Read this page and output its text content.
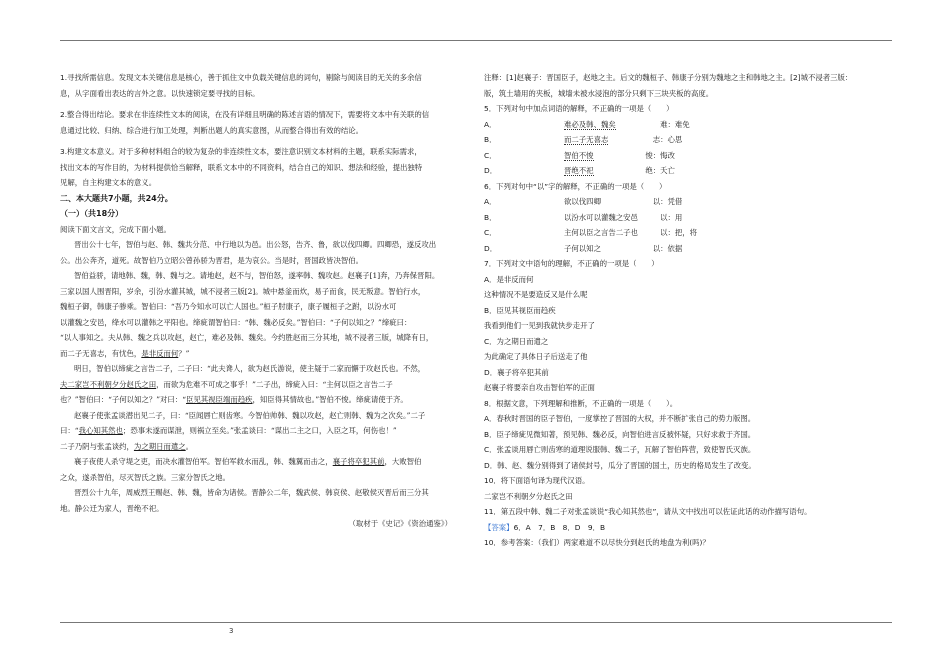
1.寻找所需信息。发现文本关键信息是核心，善于抓住文中负载关键信息的词句，剔除与阅读目的无关的多余信

息，从字面看出表达的言外之意。以快速锁定要寻找的目标。

2.整合得出结论。要求在非连续性文本的阅读，在没有详细且明确的陈述言语的情况下，需要将文本中有关联的信

息通过比较、归纳、综合进行加工处理，判断出题人的真实意图，从而整合得出有效的结论。

3.构建文本意义。对于多种材料组合的较为复杂的非连续性文本，要注意识别文本材料的主题，联系实际需求，

找出文本的写作目的，为材料提供恰当解释，联系文本中的不同资料，结合自己的知识、想法和经验，提出独特

见解，自主构建文本的意义。

二、本大题共7小题，共24分。

（一）（共18分）

阅读下面文言文，完成下面小题。

晋出公十七年，智伯与赵、韩、魏共分范、中行地以为邑。出公怒，告齐、鲁，欲以伐四卿。四卿恐，遂反攻出

公。出公奔齐，道死。故智伯乃立昭公曾孙骄为晋君，是为哀公。当是时，晋国政皆决智伯。

智伯益骄，请地韩、魏，韩、魏与之。请地赵，赵不与，智伯怒，遂率韩、魏攻赵。赵襄子[1]奔，乃奔保晋阳。

三家以国人围晋阳，岁余，引汾水灌其城，城不浸者三版[2]。城中悬釜而炊，易子而食，民无叛意。智伯行水，

魏桓子御，韩康子骖乘。智伯曰：“吾乃今知水可以亡人国也。”桓子肘康子，康子履桓子之跗，以汾水可

以灌魏之安邑，绛水可以灌韩之平阳也。缔疵谓智伯曰：“韩、魏必反矣。”智伯曰：“子何以知之？”缔疵曰：

“以人事知之。夫从韩、魏之兵以攻赵，赵亡，难必及韩、魏矣。今约胜赵而三分其地，城不浸者三版，城降有日，

而二子无喜志，有忧色，是非反而何？”

明日，智伯以缔疵之言告二子，二子曰：“此夫谗人，欲为赵氏游说，使主疑于二家而懈于攻赵氏也。不然，

夫二家岂不利朝夕分赵氏之田，而欲为危难不可成之事乎！”二子出，缔疵入曰：“主何以臣之言告二子

也？”智伯曰：“子何以知之？”对曰：“臣见其视臣端而趋疾，知臣得其情故也。”智伯不悛。缔疵请使于齐。

赵襄子使张孟谈潜出见二子，曰：“臣闻唇亡则齿寒。今智伯帅韩、魏以攻赵，赵亡则韩、魏为之次矣。”二子

曰：“我心知其然也；恐事未遂而谋泄，则祸立至矣。”张孟谈曰：“谋出二主之口，入臣之耳，何伤也！”

二子乃阴与张孟谈约，为之期日而遣之。

襄子夜使人杀守堤之吏，而决水灌智伯军。智伯军救水而乱，韩、魏翼而击之，襄子将卒犯其前，大败智伯

之众，遂杀智伯，尽灭智氏之族。三家分智氏之地。

晋烈公十九年，周威烈王赐赵、韩、魏，皆命为诸侯。晋静公二年，魏武侯、韩哀侯、赵敬侯灭晋后而三分其

地。静公迁为家人，晋绝不祀。

（取材于《史记》《资治通鉴》）

注释：[1]赵襄子：晋国臣子，赵地之主。后文的魏桓子、韩康子分别为魏地之主和韩地之主。[2]城不浸者三版：

版，筑土墙用的夹板，城墙未被水浸泡的部分只剩下三块夹板的高度。

5．下列对句中加点词语的解释，不正确的一项是（　　）

A．	难必及韩、魏矣　　　　　　	难：难免

B．	而二子无喜志　　　　　　	志：心思

C．	智伯不悛　　　　　　　	悛：悔改

D．	晋绝不祀　　　　　　　	绝：夭亡

6．下列对句中“以”字的解释，不正确的一项是（　　）

A．	欲以伐四卿　　　　　　　	以：凭借

B．	以汾水可以灌魏之安邑　　　	以：用

C．	主何以臣之言告二子也　　　	以：把，将

D．	子何以知之　　　　　　　	以：依据

7．下列对文中语句的理解，不正确的一项是（　　）

A．是非反而何

这种情况不是要造反又是什么呢

B．臣见其视臣而趋疾

我看到他们一见到我就快步走开了

C．为之期日而遣之

为此确定了具体日子后送走了他

D．襄子将卒犯其前

赵襄子将要亲自攻击智伯军的正面

8．根据文意，下列理解和推断，不正确的一项是（　　）。

A．春秋时晋国的臣子智伯，一度掌控了晋国的大权，并不断扩张自己的势力版图。

B．臣子缔疵见微知著，预见韩、魏必反，向智伯进言反被怀疑，只好求救于齐国。

C．张孟谈用唇亡则齿寒的道理说服韩、魏二子，瓦解了智伯阵营，致使智氏灭族。

D．韩、赵、魏分别得到了诸侯封号，瓜分了晋国的国土，历史的格局发生了改变。

10．将下面语句译为现代汉语。

二家岂不利朝夕分赵氏之田

11．第五段中韩、魏二子对张孟谈说“我心知其然也”，请从文中找出可以佐证此话的动作描写语句。

【答案】6．A　7．B　8．D　9．B

10．参考答案：（我们）两家难道不以尽快分到赵氏的地盘为利(吗)？

3
